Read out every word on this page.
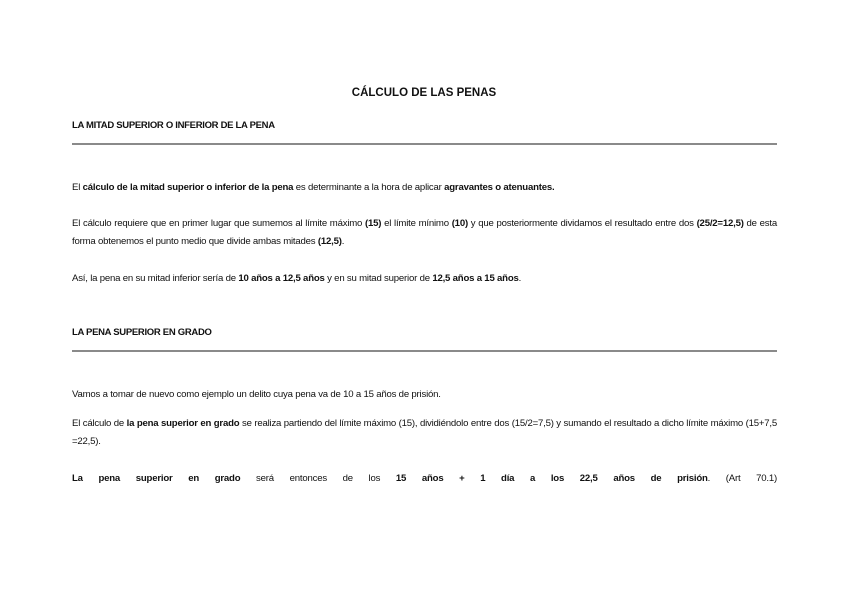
CÁLCULO DE LAS PENAS
LA MITAD SUPERIOR O INFERIOR DE LA PENA
El cálculo de la mitad superior o inferior de la pena es determinante a la hora de aplicar agravantes o atenuantes.
El cálculo requiere que en primer lugar que sumemos al límite máximo (15) el límite mínimo (10) y que posteriormente dividamos el resultado entre dos (25/2=12,5) de esta forma obtenemos el punto medio que divide ambas mitades (12,5).
Así, la pena en su mitad inferior sería de 10 años a 12,5 años y en su mitad superior de 12,5 años a 15 años.
LA PENA SUPERIOR EN GRADO
Vamos a tomar de nuevo como ejemplo un delito cuya pena va de 10 a 15 años de prisión.
El cálculo de la pena superior en grado se realiza partiendo del límite máximo (15), dividiéndolo entre dos (15/2=7,5) y sumando el resultado a dicho límite máximo (15+7,5 =22,5).
La pena superior en grado será entonces de los 15 años + 1 día a los 22,5 años de prisión. (Art 70.1)
